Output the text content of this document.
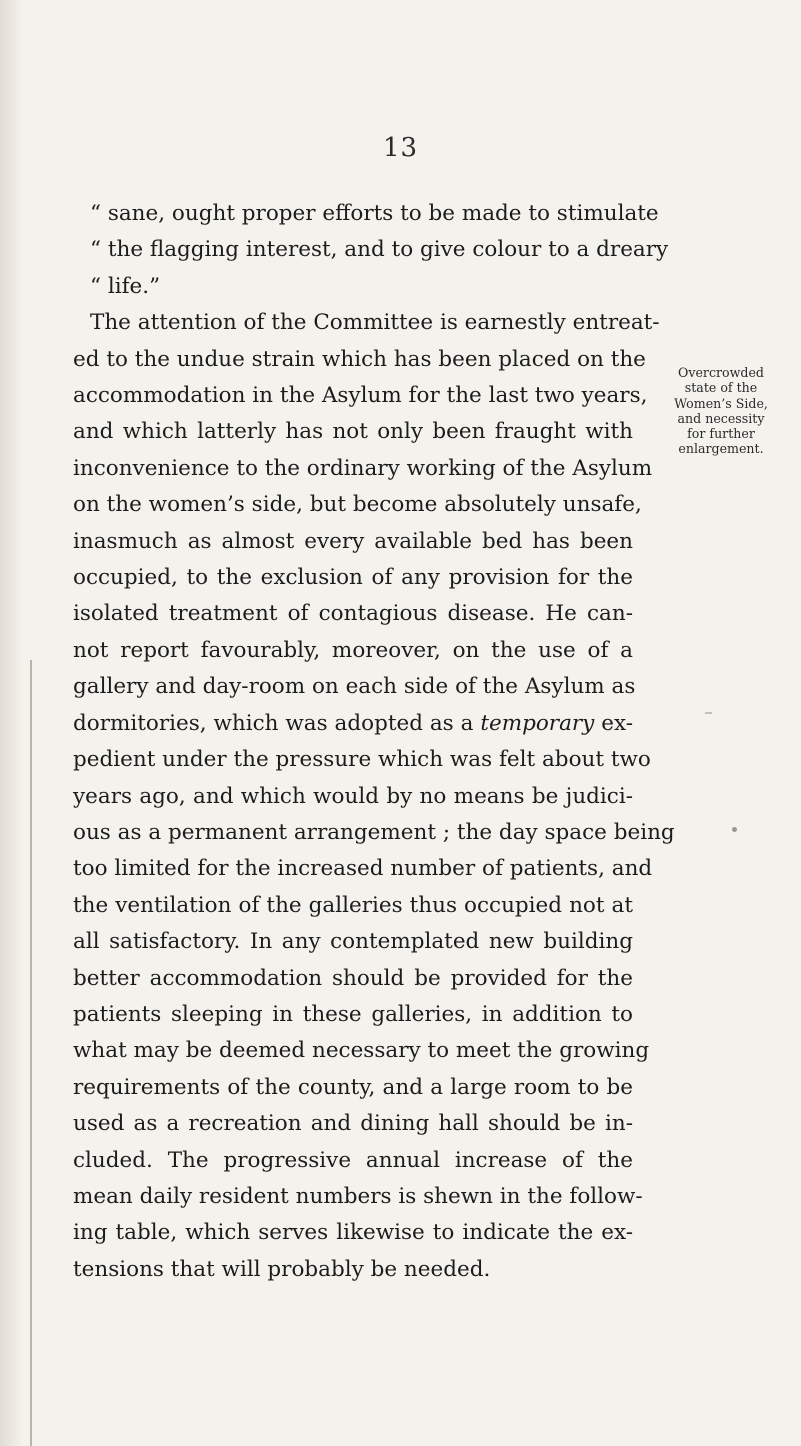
13
“ sane, ought proper efforts to be made to stimulate
“ the flagging interest, and to give colour to a dreary
“ life.”
The attention of the Committee is earnestly entreat-
ed to the undue strain which has been placed on the
accommodation in the Asylum for the last two years,
and which latterly has not only been fraught with
inconvenience to the ordinary working of the Asylum
on the women’s side, but become absolutely unsafe,
inasmuch as almost every available bed has been
occupied, to the exclusion of any provision for the
isolated treatment of contagious disease. He can-
not report favourably, moreover, on the use of a
gallery and day-room on each side of the Asylum as
dormitories, which was adopted as a temporary ex-
pedient under the pressure which was felt about two
years ago, and which would by no means be judici-
ous as a permanent arrangement ; the day space being
too limited for the increased number of patients, and
the ventilation of the galleries thus occupied not at
all satisfactory. In any contemplated new building
better accommodation should be provided for the
patients sleeping in these galleries, in addition to
what may be deemed necessary to meet the growing
requirements of the county, and a large room to be
used as a recreation and dining hall should be in-
cluded. The progressive annual increase of the
mean daily resident numbers is shewn in the follow-
ing table, which serves likewise to indicate the ex-
tensions that will probably be needed.
Overcrowded
state of the
Women’s Side,
and necessity
for further
enlargement.
